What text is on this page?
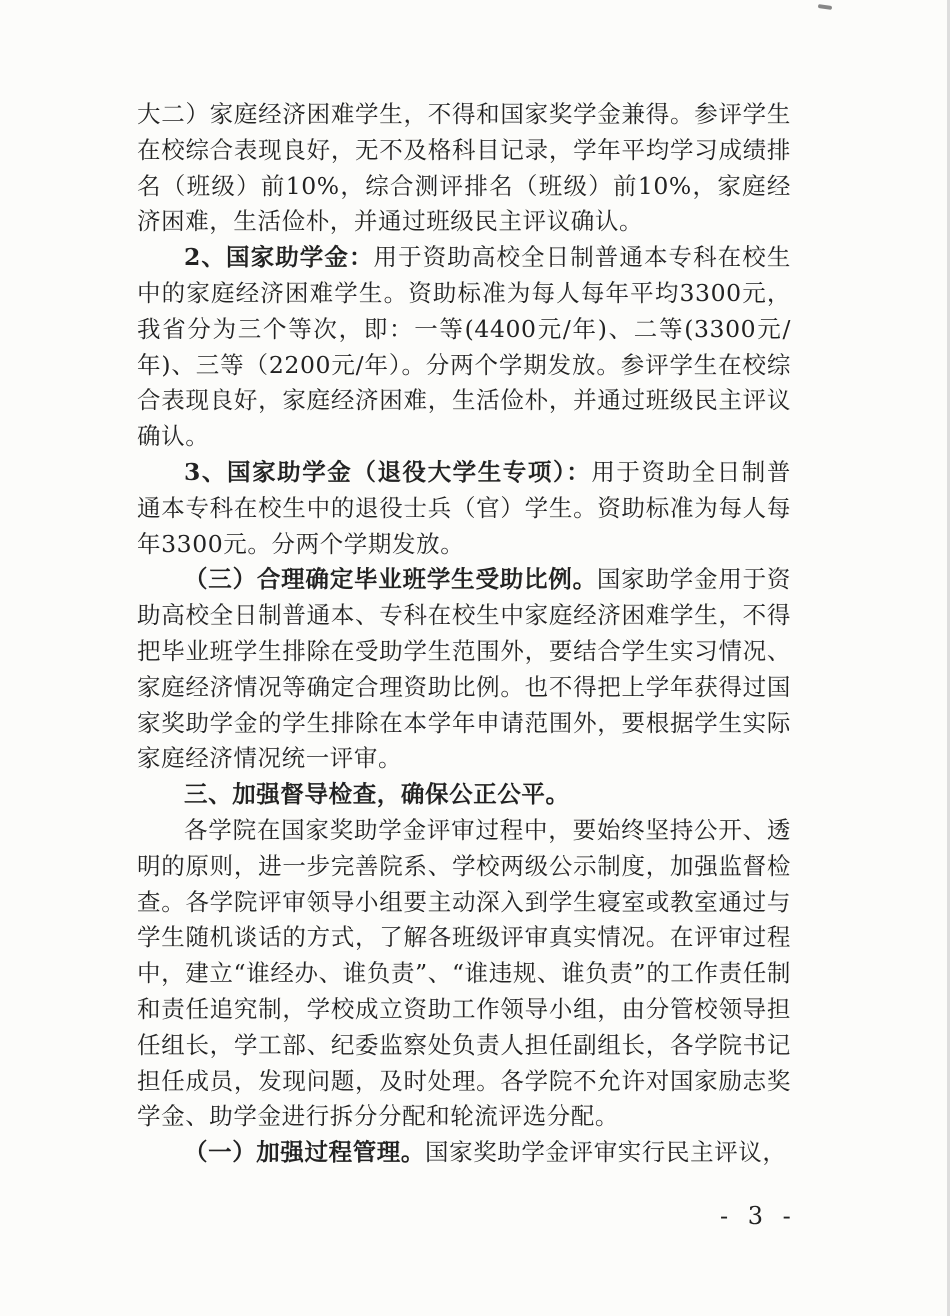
大二）家庭经济困难学生，不得和国家奖学金兼得。参评学生在校综合表现良好，无不及格科目记录，学年平均学习成绩排名（班级）前10%，综合测评排名（班级）前10%，家庭经济困难，生活俭朴，并通过班级民主评议确认。

2、国家助学金：用于资助高校全日制普通本专科在校生中的家庭经济困难学生。资助标准为每人每年平均3300元，我省分为三个等次，即：一等(4400元/年)、二等(3300元/年)、三等（2200元/年）。分两个学期发放。参评学生在校综合表现良好，家庭经济困难，生活俭朴，并通过班级民主评议确认。

3、国家助学金（退役大学生专项）：用于资助全日制普通本专科在校生中的退役士兵（官）学生。资助标准为每人每年3300元。分两个学期发放。

（三）合理确定毕业班学生受助比例。国家助学金用于资助高校全日制普通本、专科在校生中家庭经济困难学生，不得把毕业班学生排除在受助学生范围外，要结合学生实习情况、家庭经济情况等确定合理资助比例。也不得把上学年获得过国家奖助学金的学生排除在本学年申请范围外，要根据学生实际家庭经济情况统一评审。

三、加强督导检查，确保公正公平。

各学院在国家奖助学金评审过程中，要始终坚持公开、透明的原则，进一步完善院系、学校两级公示制度，加强监督检查。各学院评审领导小组要主动深入到学生寝室或教室通过与学生随机谈话的方式，了解各班级评审真实情况。在评审过程中，建立“谁经办、谁负责”、“谁违规、谁负责”的工作责任制和责任追究制，学校成立资助工作领导小组，由分管校领导担任组长，学工部、纪委监察处负责人担任副组长，各学院书记担任成员，发现问题，及时处理。各学院不允许对国家励志奖学金、助学金进行拆分分配和轮流评选分配。

（一）加强过程管理。国家奖助学金评审实行民主评议，

- 3 -
